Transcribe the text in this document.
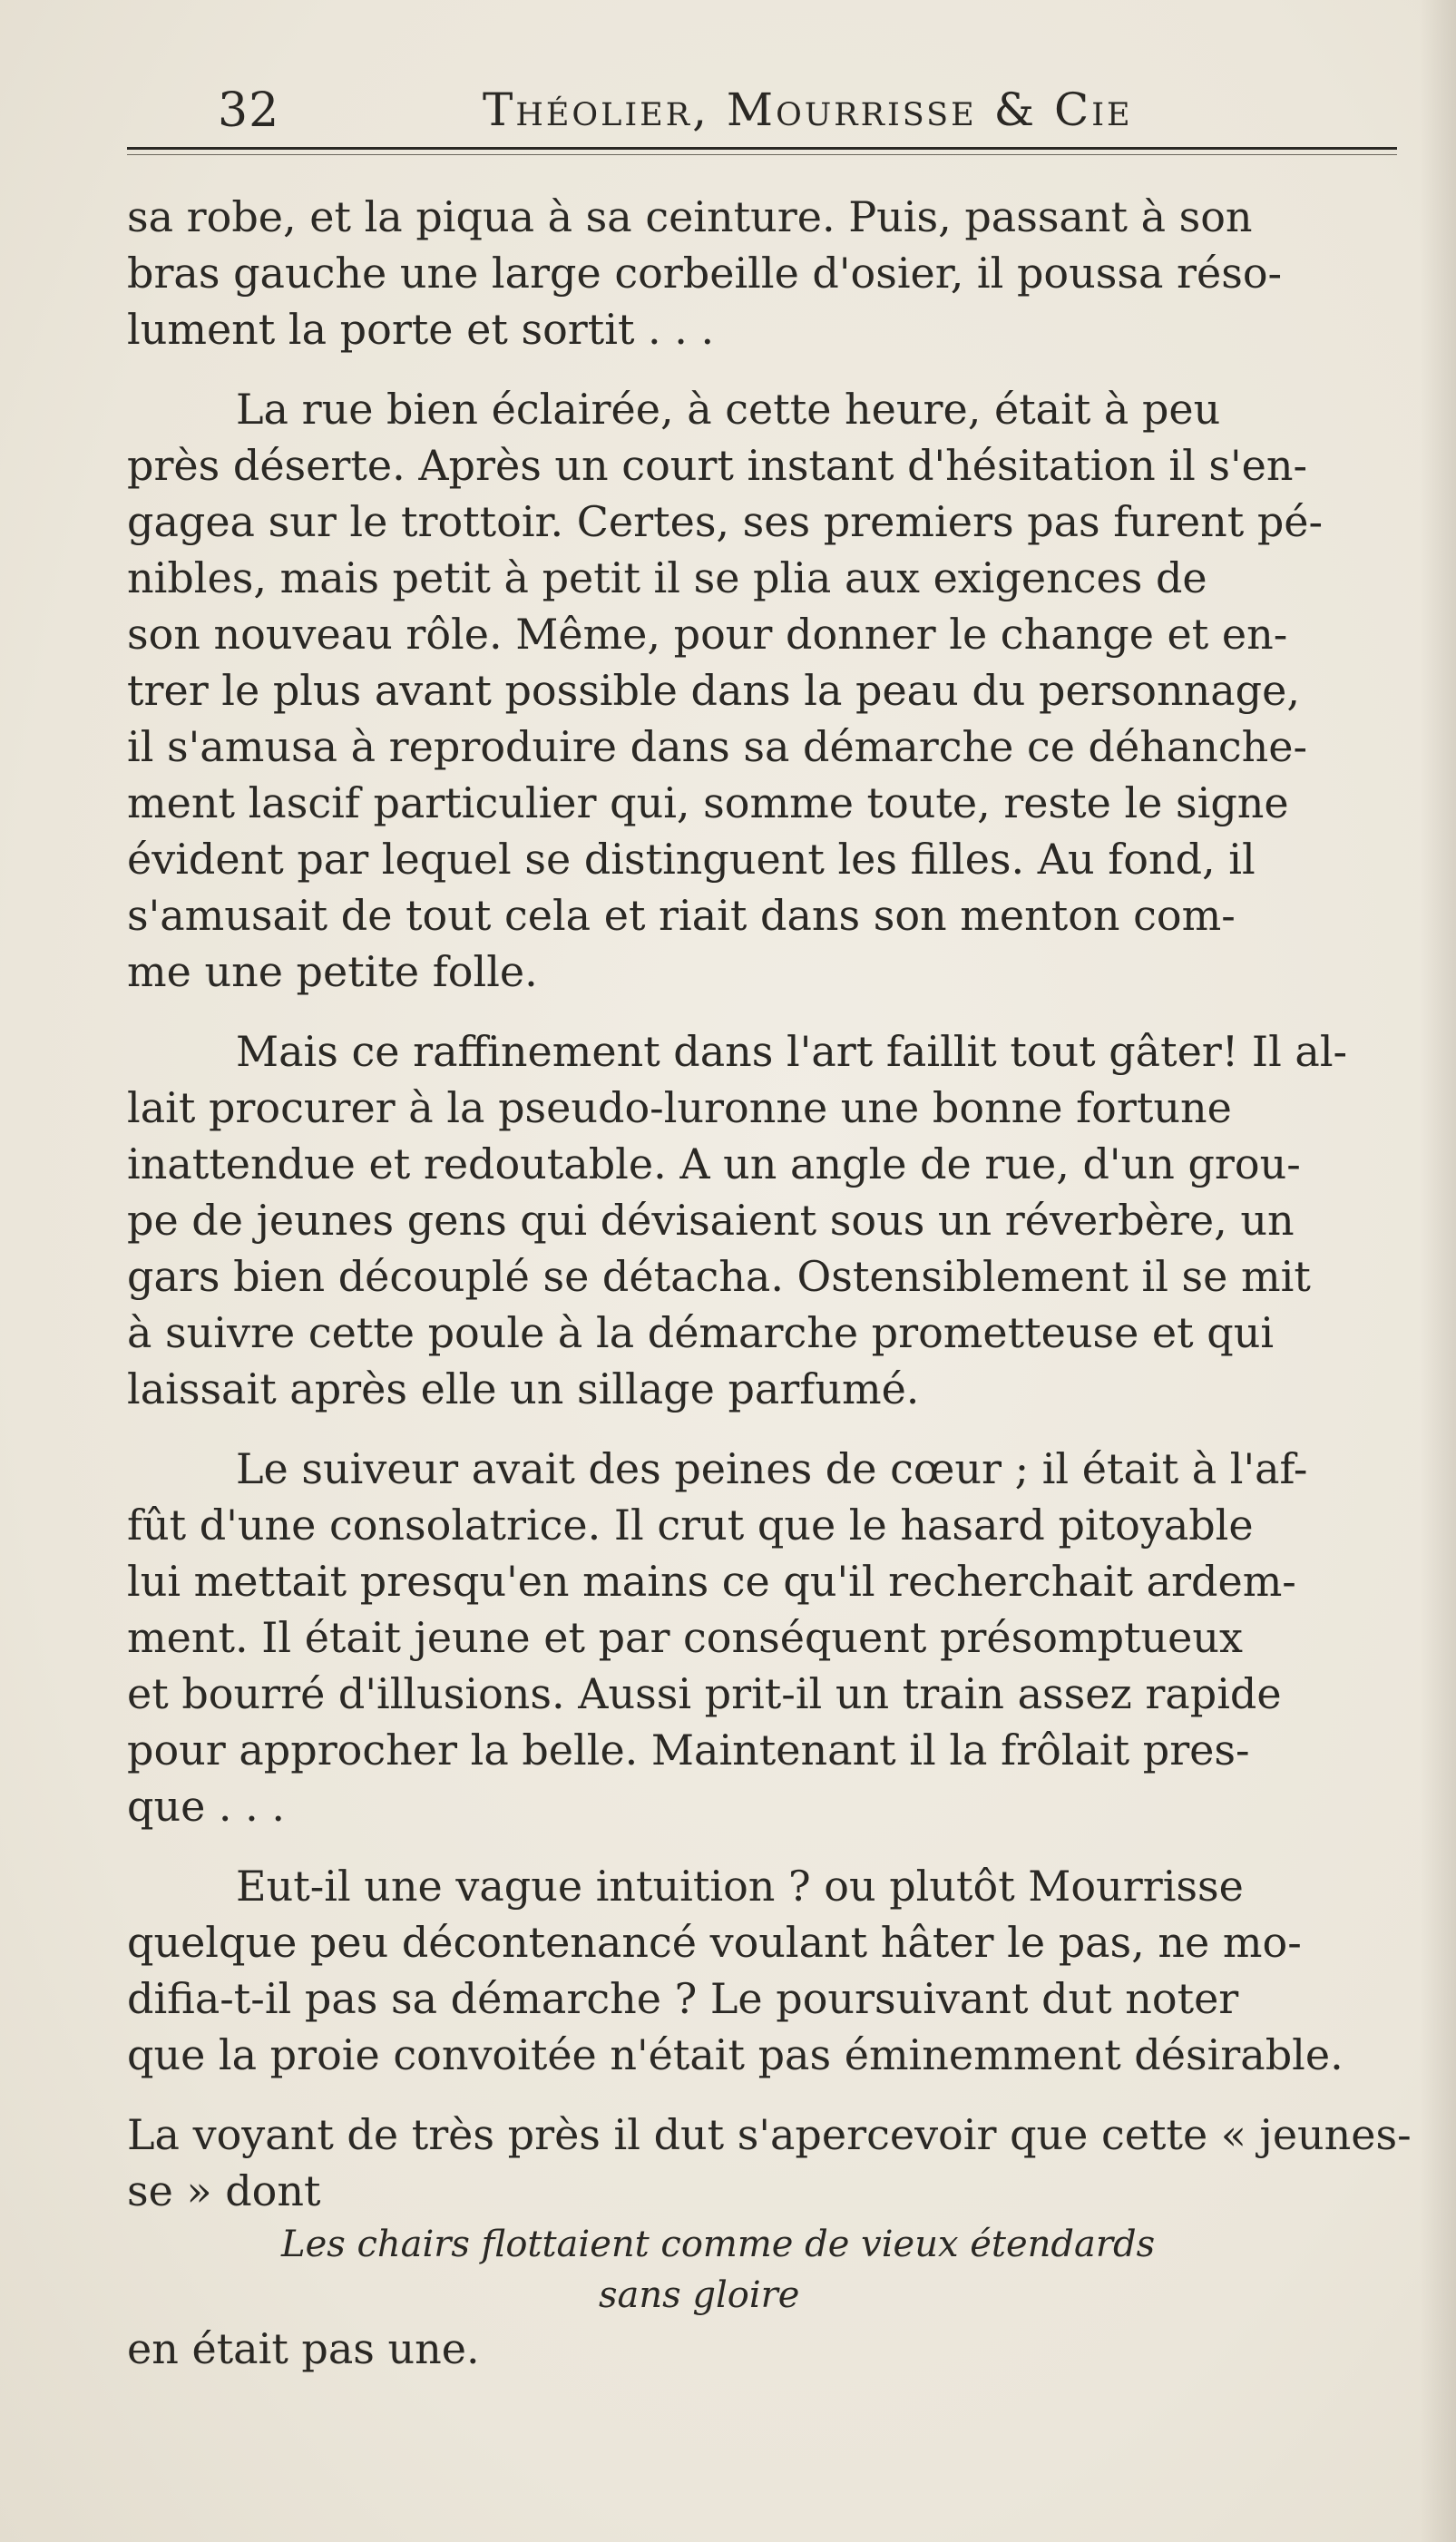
32	Théolier, Mourrisse & Cie
sa robe, et la piqua à sa ceinture. Puis, passant à son
bras gauche une large corbeille d'osier, il poussa réso-
lument la porte et sortit . . .
La rue bien éclairée, à cette heure, était à peu
près déserte. Après un court instant d'hésitation il s'en-
gagea sur le trottoir. Certes, ses premiers pas furent pé-
nibles, mais petit à petit il se plia aux exigences de
son nouveau rôle. Même, pour donner le change et en-
trer le plus avant possible dans la peau du personnage,
il s'amusa à reproduire dans sa démarche ce déhanche-
ment lascif particulier qui, somme toute, reste le signe
évident par lequel se distinguent les filles. Au fond, il
s'amusait de tout cela et riait dans son menton com-
me une petite folle.
Mais ce raffinement dans l'art faillit tout gâter! Il al-
lait procurer à la pseudo-luronne une bonne fortune
inattendue et redoutable. A un angle de rue, d'un grou-
pe de jeunes gens qui dévisaient sous un réverbère, un
gars bien découplé se détacha. Ostensiblement il se mit
à suivre cette poule à la démarche prometteuse et qui
laissait après elle un sillage parfumé.
Le suiveur avait des peines de cœur ; il était à l'af-
fût d'une consolatrice. Il crut que le hasard pitoyable
lui mettait presqu'en mains ce qu'il recherchait ardem-
ment. Il était jeune et par conséquent présomptueux
et bourré d'illusions. Aussi prit-il un train assez rapide
pour approcher la belle. Maintenant il la frôlait pres-
que . . .
Eut-il une vague intuition ? ou plutôt Mourrisse
quelque peu décontenancé voulant hâter le pas, ne mo-
difia-t-il pas sa démarche ? Le poursuivant dut noter
que la proie convoitée n'était pas éminemment désirable.
La voyant de très près il dut s'apercevoir que cette « jeunes-
se » dont
Les chairs flottaient comme de vieux étendards
sans gloire
en était pas une.
